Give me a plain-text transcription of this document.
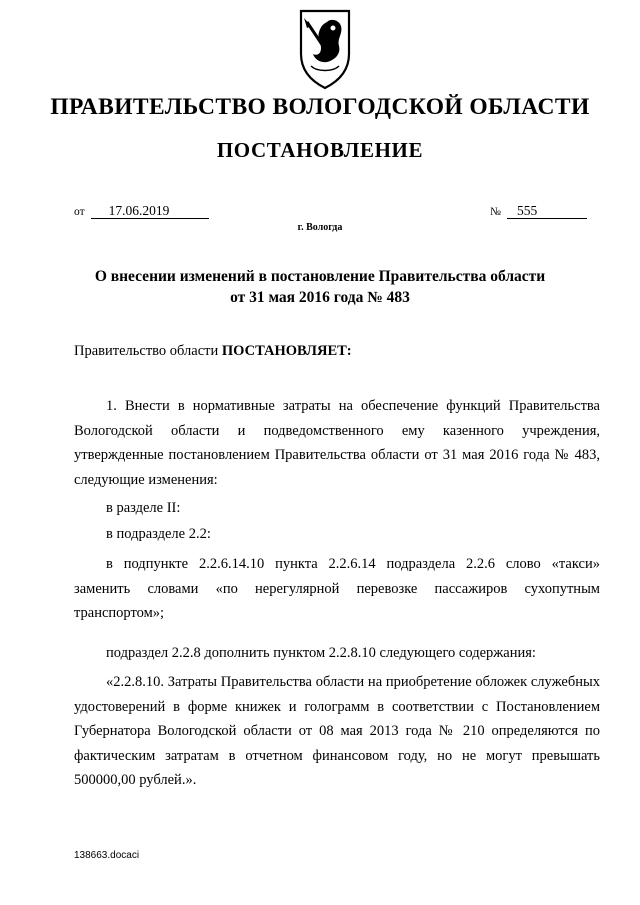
ПРАВИТЕЛЬСТВО ВОЛОГОДСКОЙ ОБЛАСТИ
ПОСТАНОВЛЕНИЕ
от 17.06.2019	№ 555
г. Вологда
О внесении изменений в постановление Правительства области
от 31 мая 2016 года № 483
Правительство области ПОСТАНОВЛЯЕТ:
1. Внести в нормативные затраты на обеспечение функций Правительства Вологодской области и подведомственного ему казенного учреждения, утвержденные постановлением Правительства области от 31 мая 2016 года № 483, следующие изменения:
в разделе II:
в подразделе 2.2:
в подпункте 2.2.6.14.10 пункта 2.2.6.14 подраздела 2.2.6 слово «такси» заменить словами «по нерегулярной перевозке пассажиров сухопутным транспортом»;
подраздел 2.2.8 дополнить пунктом 2.2.8.10 следующего содержания:
«2.2.8.10. Затраты Правительства области на приобретение обложек служебных удостоверений в форме книжек и голограмм в соответствии с Постановлением Губернатора Вологодской области от 08 мая 2013 года № 210 определяются по фактическим затратам в отчетном финансовом году, но не могут превышать 500000,00 рублей.».
138663.docaci
